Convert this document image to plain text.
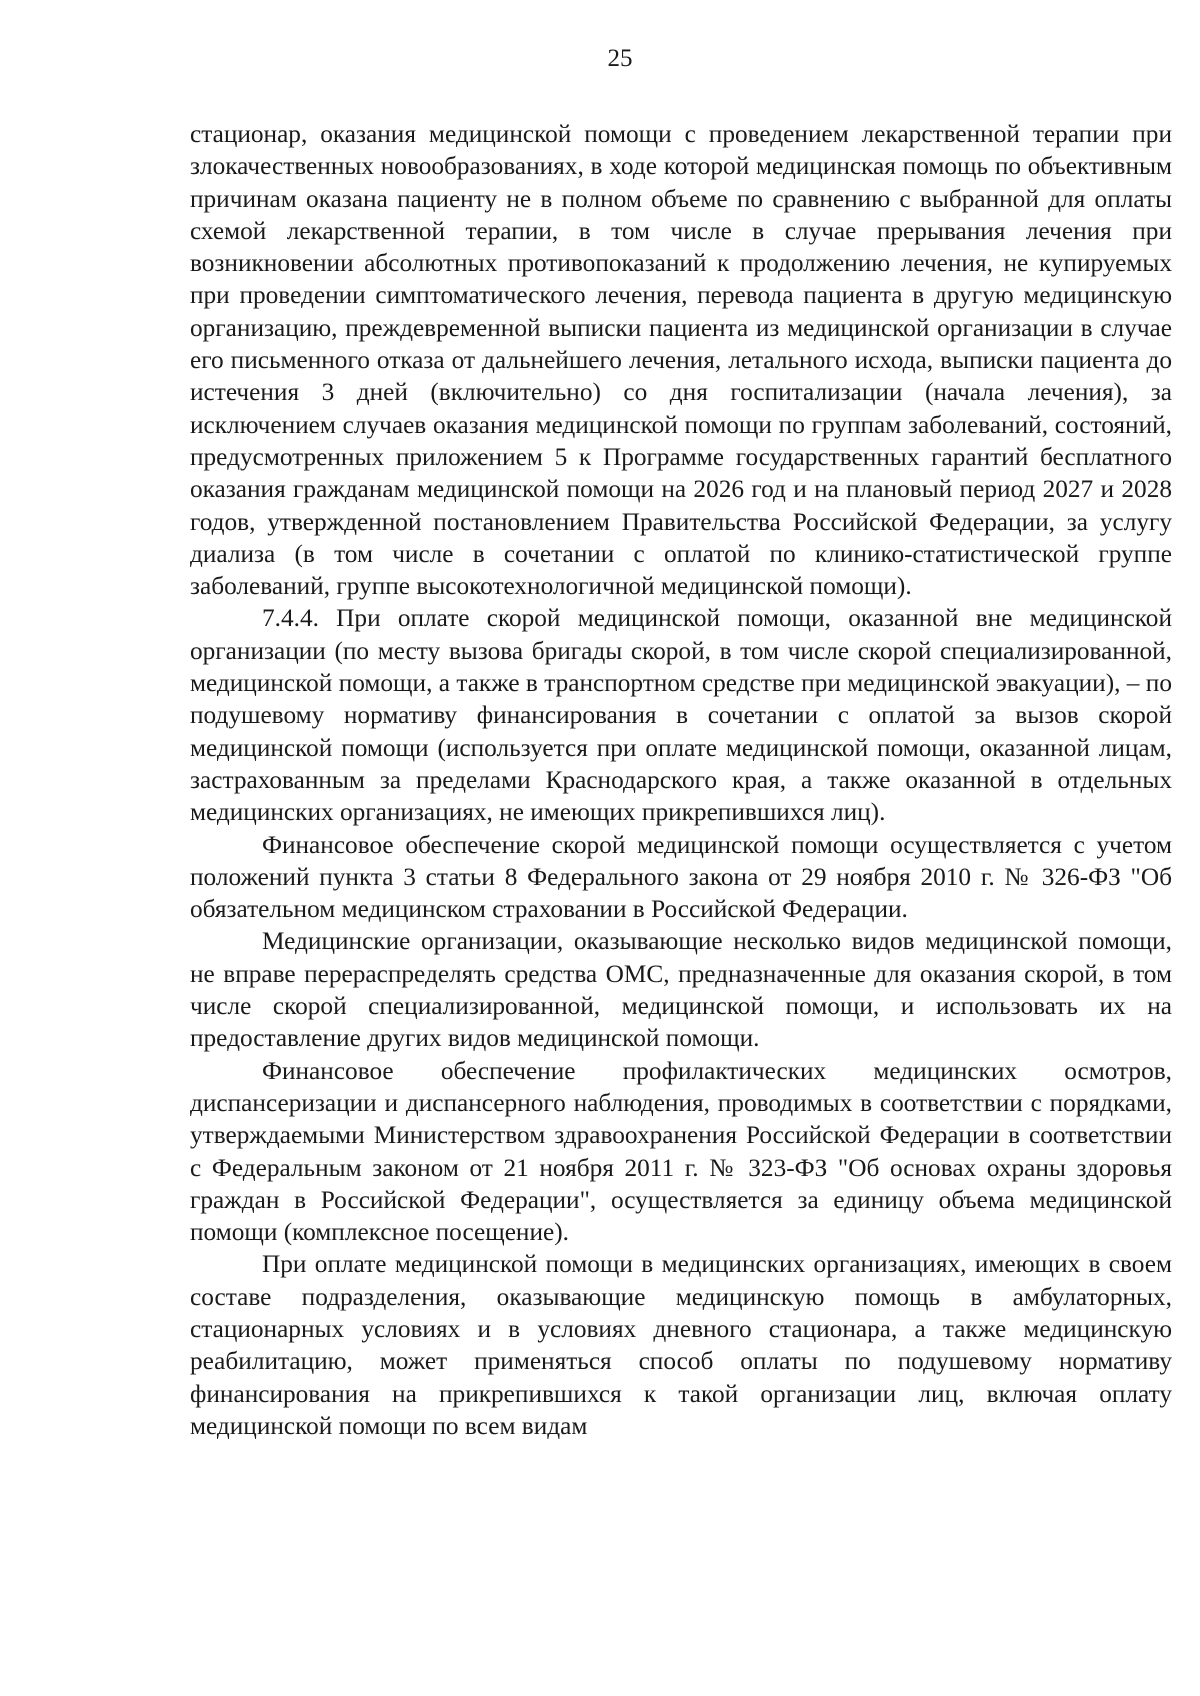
25

стационар, оказания медицинской помощи с проведением лекарственной терапии при злокачественных новообразованиях, в ходе которой медицинская помощь по объективным причинам оказана пациенту не в полном объеме по сравнению с выбранной для оплаты схемой лекарственной терапии, в том числе в случае прерывания лечения при возникновении абсолютных противопоказаний к продолжению лечения, не купируемых при проведении симптоматического лечения, перевода пациента в другую медицинскую организацию, преждевременной выписки пациента из медицинской организации в случае его письменного отказа от дальнейшего лечения, летального исхода, выписки пациента до истечения 3 дней (включительно) со дня госпитализации (начала лечения), за исключением случаев оказания медицинской помощи по группам заболеваний, состояний, предусмотренных приложением 5 к Программе государственных гарантий бесплатного оказания гражданам медицинской помощи на 2026 год и на плановый период 2027 и 2028 годов, утвержденной постановлением Правительства Российской Федерации, за услугу диализа (в том числе в сочетании с оплатой по клинико-статистической группе заболеваний, группе высокотехнологичной медицинской помощи).

7.4.4. При оплате скорой медицинской помощи, оказанной вне медицинской организации (по месту вызова бригады скорой, в том числе скорой специализированной, медицинской помощи, а также в транспортном средстве при медицинской эвакуации), – по подушевому нормативу финансирования в сочетании с оплатой за вызов скорой медицинской помощи (используется при оплате медицинской помощи, оказанной лицам, застрахованным за пределами Краснодарского края, а также оказанной в отдельных медицинских организациях, не имеющих прикрепившихся лиц).

Финансовое обеспечение скорой медицинской помощи осуществляется с учетом положений пункта 3 статьи 8 Федерального закона от 29 ноября 2010 г. № 326-ФЗ "Об обязательном медицинском страховании в Российской Федерации.

Медицинские организации, оказывающие несколько видов медицинской помощи, не вправе перераспределять средства ОМС, предназначенные для оказания скорой, в том числе скорой специализированной, медицинской помощи, и использовать их на предоставление других видов медицинской помощи.

Финансовое обеспечение профилактических медицинских осмотров, диспансеризации и диспансерного наблюдения, проводимых в соответствии с порядками, утверждаемыми Министерством здравоохранения Российской Федерации в соответствии с Федеральным законом от 21 ноября 2011 г. № 323-ФЗ "Об основах охраны здоровья граждан в Российской Федерации", осуществляется за единицу объема медицинской помощи (комплексное посещение).

При оплате медицинской помощи в медицинских организациях, имеющих в своем составе подразделения, оказывающие медицинскую помощь в амбулаторных, стационарных условиях и в условиях дневного стационара, а также медицинскую реабилитацию, может применяться способ оплаты по подушевому нормативу финансирования на прикрепившихся к такой организации лиц, включая оплату медицинской помощи по всем видам
